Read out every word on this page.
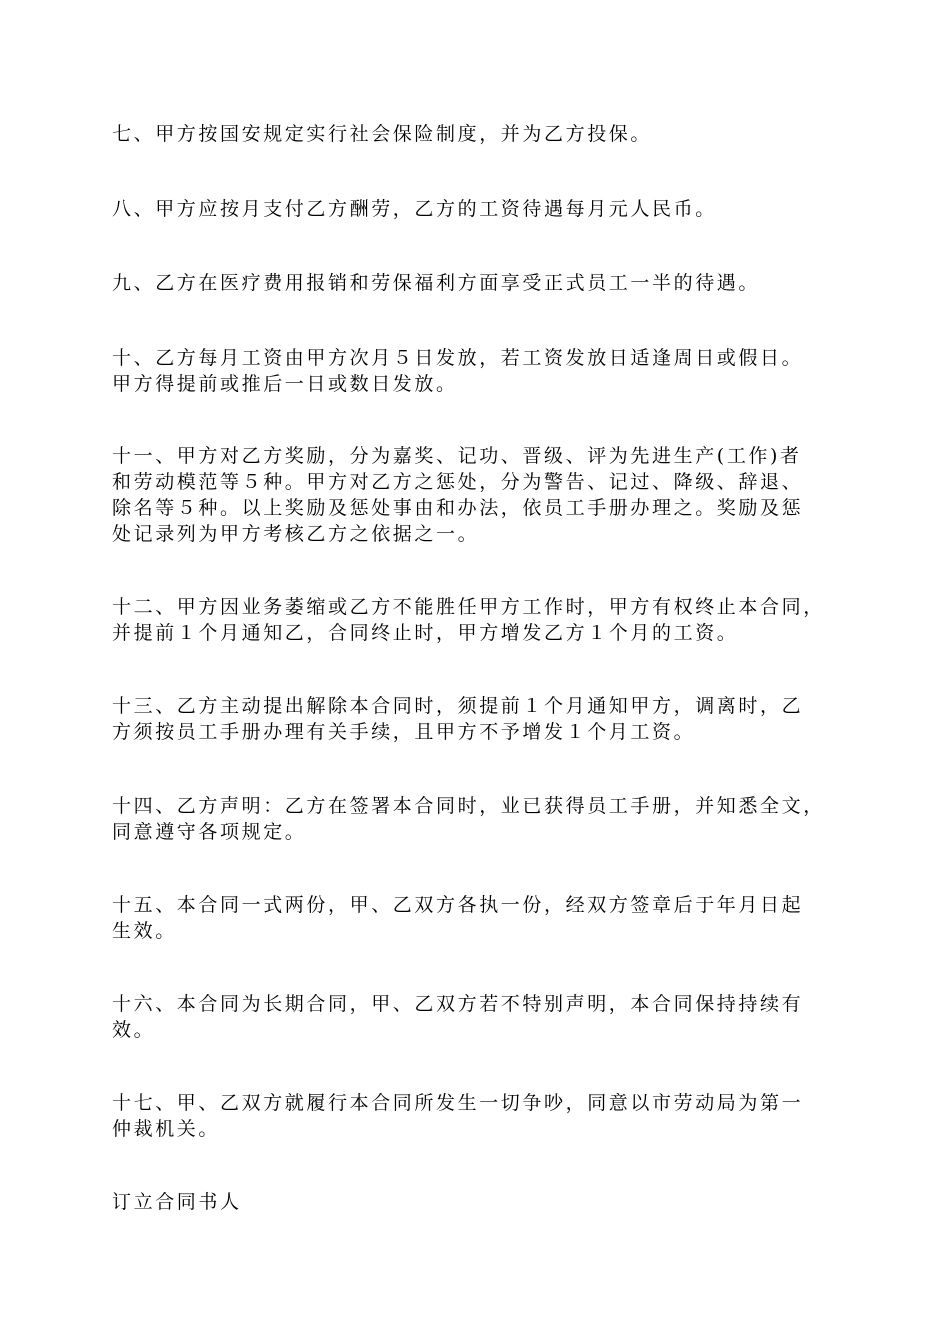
七、甲方按国安规定实行社会保险制度，并为乙方投保。

八、甲方应按月支付乙方酬劳，乙方的工资待遇每月元人民币。

九、乙方在医疗费用报销和劳保福利方面享受正式员工一半的待遇。

十、乙方每月工资由甲方次月５日发放，若工资发放日适逢周日或假日。
甲方得提前或推后一日或数日发放。

十一、甲方对乙方奖励，分为嘉奖、记功、晋级、评为先进生产(工作)者
和劳动模范等５种。甲方对乙方之惩处，分为警告、记过、降级、辞退、
除名等５种。以上奖励及惩处事由和办法，依员工手册办理之。奖励及惩
处记录列为甲方考核乙方之依据之一。

十二、甲方因业务萎缩或乙方不能胜任甲方工作时，甲方有权终止本合同，
并提前１个月通知乙，合同终止时，甲方增发乙方１个月的工资。

十三、乙方主动提出解除本合同时，须提前１个月通知甲方，调离时，乙
方须按员工手册办理有关手续，且甲方不予增发１个月工资。

十四、乙方声明：乙方在签署本合同时，业已获得员工手册，并知悉全文，
同意遵守各项规定。

十五、本合同一式两份，甲、乙双方各执一份，经双方签章后于年月日起
生效。

十六、本合同为长期合同，甲、乙双方若不特别声明，本合同保持持续有
效。

十七、甲、乙双方就履行本合同所发生一切争吵，同意以市劳动局为第一
仲裁机关。

订立合同书人
